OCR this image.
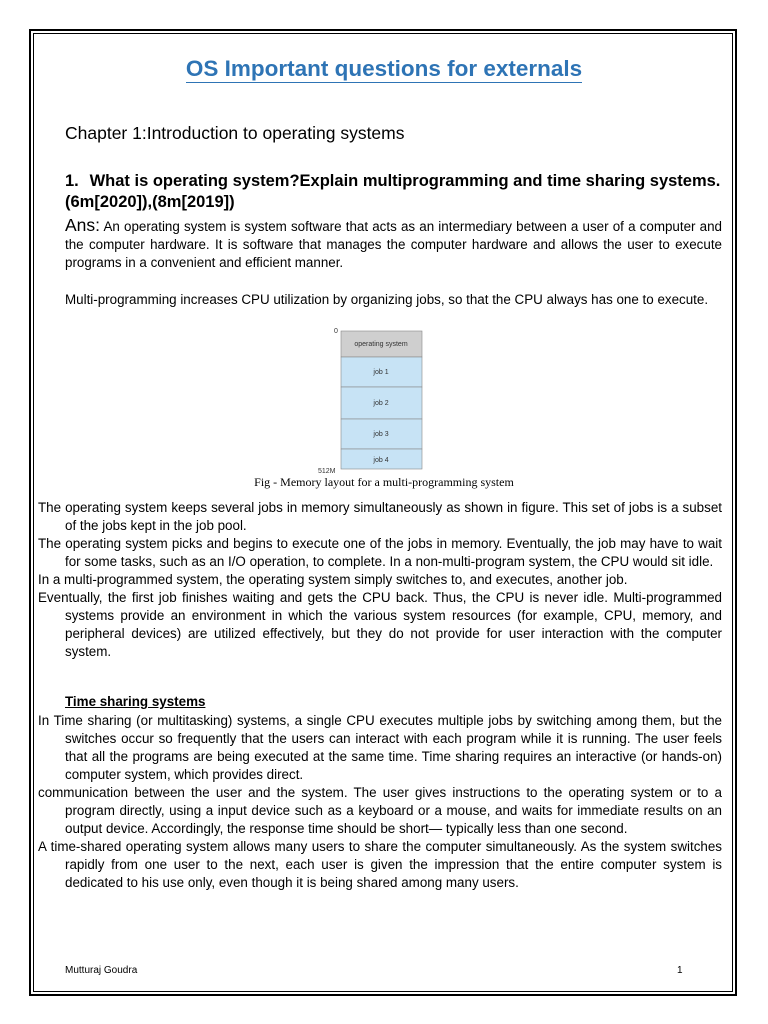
OS Important questions for externals
Chapter 1:Introduction to operating systems
1. What is operating system?Explain multiprogramming and time sharing systems. (6m[2020]),(8m[2019])
Ans: An operating system is system software that acts as an intermediary between a user of a computer and the computer hardware. It is software that manages the computer hardware and allows the user to execute programs in a convenient and efficient manner.
Multi-programming increases CPU utilization by organizing jobs, so that the CPU always has one to execute.
0
operating system
job 1
job 2
job 3
job 4
512M
Fig - Memory layout for a multi-programming system

The operating system keeps several jobs in memory simultaneously as shown in figure. This set of jobs is a subset of the jobs kept in the job pool.

The operating system picks and begins to execute one of the jobs in memory. Eventually, the job may have to wait for some tasks, such as an I/O operation, to complete. In a non-multi-program system, the CPU would sit idle.

In a multi-programmed system, the operating system simply switches to, and executes, another job.

Eventually, the first job finishes waiting and gets the CPU back. Thus, the CPU is never idle. Multi-programmed systems provide an environment in which the various system resources (for example, CPU, memory, and peripheral devices) are utilized effectively, but they do not provide for user interaction with the computer system.

Time sharing systems

In Time sharing (or multitasking) systems, a single CPU executes multiple jobs by switching among them, but the switches occur so frequently that the users can interact with each program while it is running. The user feels that all the programs are being executed at the same time. Time sharing requires an interactive (or hands-on) computer system, which provides direct.

communication between the user and the system. The user gives instructions to the operating system or to a program directly, using a input device such as a keyboard or a mouse, and waits for immediate results on an output device. Accordingly, the response time should be short— typically less than one second.

A time-shared operating system allows many users to share the computer simultaneously. As the system switches rapidly from one user to the next, each user is given the impression that the entire computer system is dedicated to his use only, even though it is being shared among many users.

Mutturaj Goudra	1
